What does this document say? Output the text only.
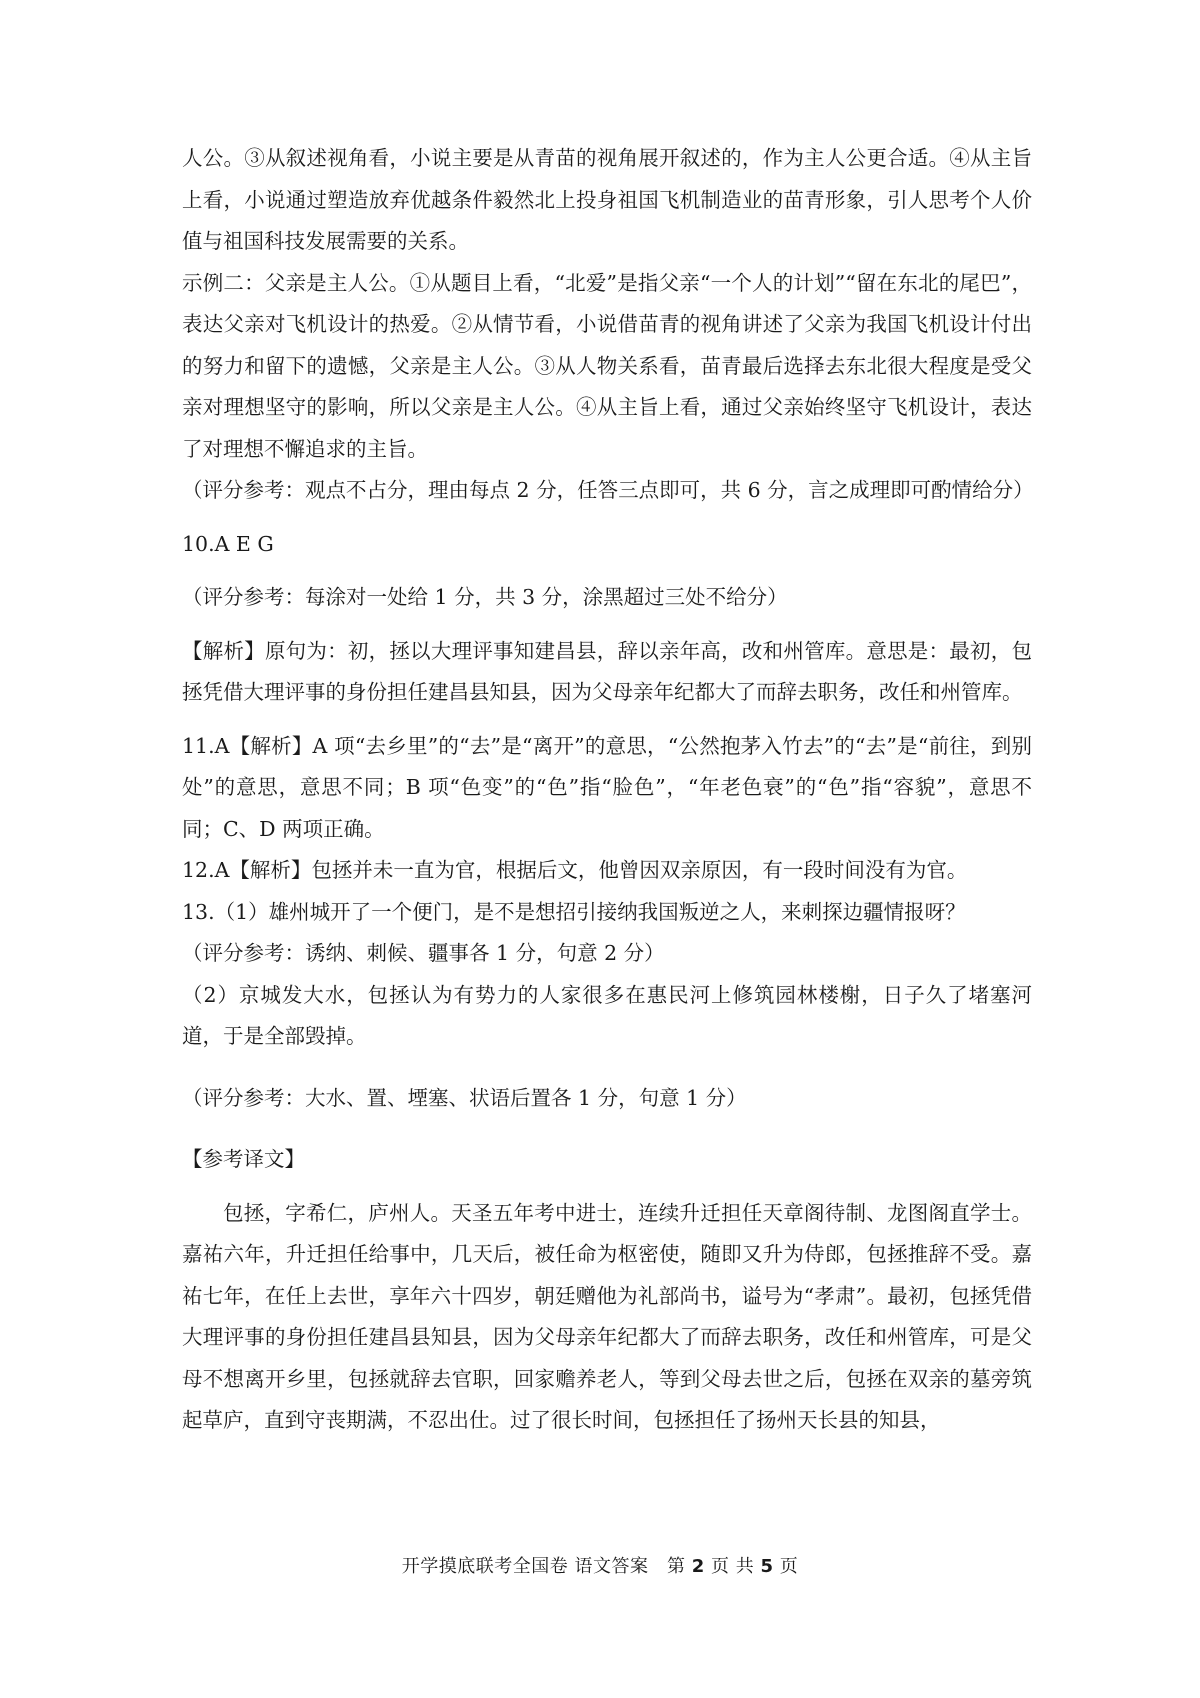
人公。③从叙述视角看，小说主要是从青苗的视角展开叙述的，作为主人公更合适。④从主旨上看，小说通过塑造放弃优越条件毅然北上投身祖国飞机制造业的苗青形象，引人思考个人价值与祖国科技发展需要的关系。

示例二：父亲是主人公。①从题目上看，“北爱”是指父亲“一个人的计划”“留在东北的尾巴”，表达父亲对飞机设计的热爱。②从情节看，小说借苗青的视角讲述了父亲为我国飞机设计付出的努力和留下的遗憾，父亲是主人公。③从人物关系看，苗青最后选择去东北很大程度是受父亲对理想坚守的影响，所以父亲是主人公。④从主旨上看，通过父亲始终坚守飞机设计，表达了对理想不懈追求的主旨。

（评分参考：观点不占分，理由每点 2 分，任答三点即可，共 6 分，言之成理即可酌情给分）

10.A E G

（评分参考：每涂对一处给 1 分，共 3 分，涂黑超过三处不给分）

【解析】原句为：初，拯以大理评事知建昌县，辞以亲年高，改和州管库。意思是：最初，包拯凭借大理评事的身份担任建昌县知县，因为父母亲年纪都大了而辞去职务，改任和州管库。

11.A【解析】A 项“去乡里”的“去”是“离开”的意思，“公然抱茅入竹去”的“去”是“前往，到别处”的意思，意思不同；B 项“色变”的“色”指“脸色”，“年老色衰”的“色”指“容貌”，意思不同；C、D 两项正确。

12.A【解析】包拯并未一直为官，根据后文，他曾因双亲原因，有一段时间没有为官。

13.（1）雄州城开了一个便门，是不是想招引接纳我国叛逆之人，来刺探边疆情报呀？

（评分参考：诱纳、刺候、疆事各 1 分，句意 2 分）

（2）京城发大水，包拯认为有势力的人家很多在惠民河上修筑园林楼榭，日子久了堵塞河道，于是全部毁掉。

（评分参考：大水、置、堙塞、状语后置各 1 分，句意 1 分）

【参考译文】

包拯，字希仁，庐州人。天圣五年考中进士，连续升迁担任天章阁待制、龙图阁直学士。嘉祐六年，升迁担任给事中，几天后，被任命为枢密使，随即又升为侍郎，包拯推辞不受。嘉祐七年，在任上去世，享年六十四岁，朝廷赠他为礼部尚书，谥号为“孝肃”。最初，包拯凭借大理评事的身份担任建昌县知县，因为父母亲年纪都大了而辞去职务，改任和州管库，可是父母不想离开乡里，包拯就辞去官职，回家赡养老人，等到父母去世之后，包拯在双亲的墓旁筑起草庐，直到守丧期满，不忍出仕。过了很长时间，包拯担任了扬州天长县的知县，

开学摸底联考全国卷 语文答案　第 2 页 共 5 页
